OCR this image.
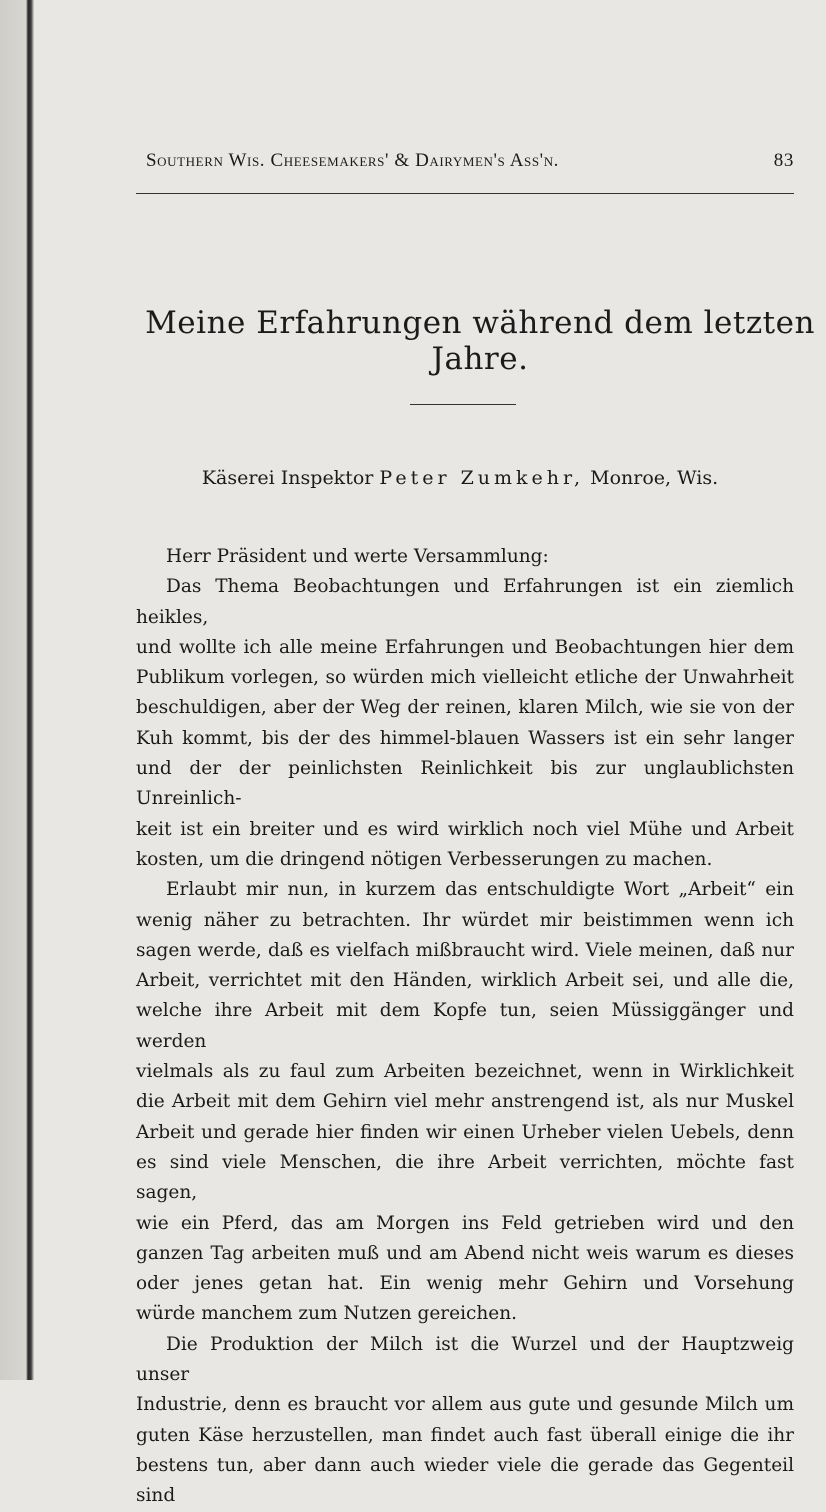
Southern Wis. Cheesemakers' & Dairymen's Ass'n.	83
Meine Erfahrungen während dem letzten Jahre.
Käserei Inspektor Peter Zumkehr, Monroe, Wis.

Herr Präsident und werte Versammlung:

Das Thema Beobachtungen und Erfahrungen ist ein ziemlich heikles,

und wollte ich alle meine Erfahrungen und Beobachtungen hier dem

Publikum vorlegen, so würden mich vielleicht etliche der Unwahrheit

beschuldigen, aber der Weg der reinen, klaren Milch, wie sie von der

Kuh kommt, bis der des himmel-blauen Wassers ist ein sehr langer

und der der peinlichsten Reinlichkeit bis zur unglaublichsten Unreinlich-

keit ist ein breiter und es wird wirklich noch viel Mühe und Arbeit

kosten, um die dringend nötigen Verbesserungen zu machen.

Erlaubt mir nun, in kurzem das entschuldigte Wort „Arbeit“ ein

wenig näher zu betrachten. Ihr würdet mir beistimmen wenn ich

sagen werde, daß es vielfach mißbraucht wird. Viele meinen, daß nur

Arbeit, verrichtet mit den Händen, wirklich Arbeit sei, und alle die,

welche ihre Arbeit mit dem Kopfe tun, seien Müssiggänger und werden

vielmals als zu faul zum Arbeiten bezeichnet, wenn in Wirklichkeit

die Arbeit mit dem Gehirn viel mehr anstrengend ist, als nur Muskel

Arbeit und gerade hier finden wir einen Urheber vielen Uebels, denn

es sind viele Menschen, die ihre Arbeit verrichten, möchte fast sagen,

wie ein Pferd, das am Morgen ins Feld getrieben wird und den

ganzen Tag arbeiten muß und am Abend nicht weis warum es dieses

oder jenes getan hat. Ein wenig mehr Gehirn und Vorsehung

würde manchem zum Nutzen gereichen.

Die Produktion der Milch ist die Wurzel und der Hauptzweig unser

Industrie, denn es braucht vor allem aus gute und gesunde Milch um

guten Käse herzustellen, man findet auch fast überall einige die ihr

bestens tun, aber dann auch wieder viele die gerade das Gegenteil sind
